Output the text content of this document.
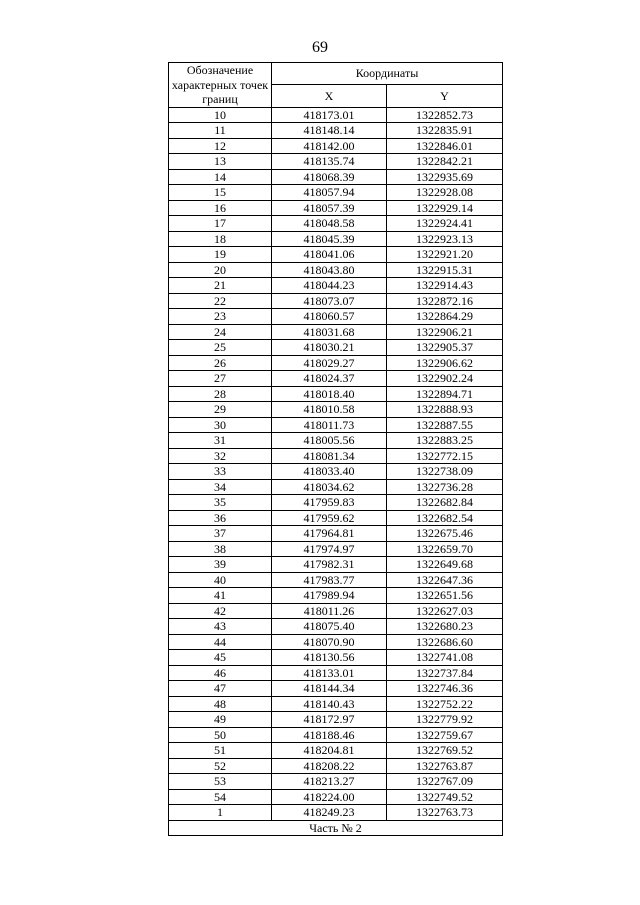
69
Обозначение характерных точек границ	Координаты	
	X	Y
10	418173.01	1322852.73
11	418148.14	1322835.91
12	418142.00	1322846.01
13	418135.74	1322842.21
14	418068.39	1322935.69
15	418057.94	1322928.08
16	418057.39	1322929.14
17	418048.58	1322924.41
18	418045.39	1322923.13
19	418041.06	1322921.20
20	418043.80	1322915.31
21	418044.23	1322914.43
22	418073.07	1322872.16
23	418060.57	1322864.29
24	418031.68	1322906.21
25	418030.21	1322905.37
26	418029.27	1322906.62
27	418024.37	1322902.24
28	418018.40	1322894.71
29	418010.58	1322888.93
30	418011.73	1322887.55
31	418005.56	1322883.25
32	418081.34	1322772.15
33	418033.40	1322738.09
34	418034.62	1322736.28
35	417959.83	1322682.84
36	417959.62	1322682.54
37	417964.81	1322675.46
38	417974.97	1322659.70
39	417982.31	1322649.68
40	417983.77	1322647.36
41	417989.94	1322651.56
42	418011.26	1322627.03
43	418075.40	1322680.23
44	418070.90	1322686.60
45	418130.56	1322741.08
46	418133.01	1322737.84
47	418144.34	1322746.36
48	418140.43	1322752.22
49	418172.97	1322779.92
50	418188.46	1322759.67
51	418204.81	1322769.52
52	418208.22	1322763.87
53	418213.27	1322767.09
54	418224.00	1322749.52
1	418249.23	1322763.73
Часть № 2		
